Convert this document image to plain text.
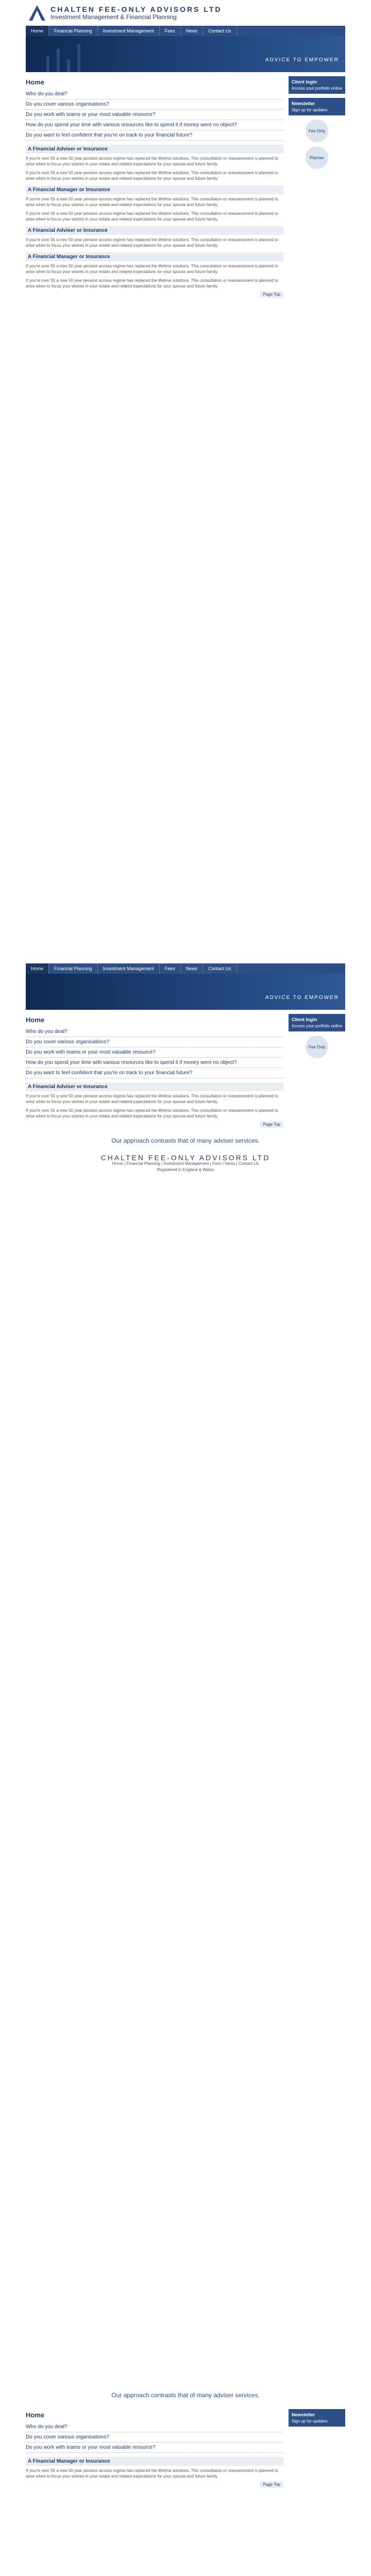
CHALTEN FEE-ONLY ADVISORS LTD
Investment Management & Financial Planning
Home	Financial Planning	Investment Management	Fees	News	Contact Us
ADVICE TO EMPOWER
Home
Who do you deal?
Do you cover various organisations?
Do you work with teams or your most valuable resource?
How do you spend your time with various resources like to spend it if money were no object?
Do you want to feel confident that you're on track to your financial future?
A Financial Adviser or Insurance

If you're over 55 a new 50 year pension access regime has replaced the lifetime solutions. This consultation or reassessment is planned to arise when to focus your wishes in your estate and related expectations for your spouse and future family.

If you're over 55 a new 50 year pension access regime has replaced the lifetime solutions. This consultation or reassessment is planned to arise when to focus your wishes in your estate and related expectations for your spouse and future family.

A Financial Manager or Insurance

If you're over 55 a new 50 year pension access regime has replaced the lifetime solutions. This consultation or reassessment is planned to arise when to focus your wishes in your estate and related expectations for your spouse and future family.

If you're over 55 a new 50 year pension access regime has replaced the lifetime solutions. This consultation or reassessment is planned to arise when to focus your wishes in your estate and related expectations for your spouse and future family.

A Financial Adviser or Insurance

If you're over 55 a new 50 year pension access regime has replaced the lifetime solutions. This consultation or reassessment is planned to arise when to focus your wishes in your estate and related expectations for your spouse and future family.

A Financial Manager or Insurance

If you're over 55 a new 50 year pension access regime has replaced the lifetime solutions. This consultation or reassessment is planned to arise when to focus your wishes in your estate and related expectations for your spouse and future family.

If you're over 55 a new 50 year pension access regime has replaced the lifetime solutions. This consultation or reassessment is planned to arise when to focus your wishes in your estate and related expectations for your spouse and future family.

Page Top
Client login
Access your portfolio online
Newsletter
Sign up for updates
Fee Only
Planner
Home	Financial Planning	Investment Management	Fees	News	Contact Us
ADVICE TO EMPOWER
Home
Who do you deal?
Do you cover various organisations?
Do you work with teams or your most valuable resource?
How do you spend your time with various resources like to spend it if money were no object?
Do you want to feel confident that you're on track to your financial future?
A Financial Adviser or Insurance

If you're over 55 a new 50 year pension access regime has replaced the lifetime solutions. This consultation or reassessment is planned to arise when to focus your wishes in your estate and related expectations for your spouse and future family.

If you're over 55 a new 50 year pension access regime has replaced the lifetime solutions. This consultation or reassessment is planned to arise when to focus your wishes in your estate and related expectations for your spouse and future family.

Page Top
Client login
Access your portfolio online
Fee Only
Our approach contrasts that of many adviser services.
CHALTEN FEE-ONLY ADVISORS LTD
Home | Financial Planning | Investment Management | Fees | News | Contact Us
Registered in England & Wales
Our approach contrasts that of many adviser services.
Home
Who do you deal?
Do you cover various organisations?
Do you work with teams or your most valuable resource?
A Financial Manager or Insurance

If you're over 55 a new 50 year pension access regime has replaced the lifetime solutions. This consultation or reassessment is planned to arise when to focus your wishes in your estate and related expectations for your spouse and future family.

Page Top
Newsletter
Sign up for updates
